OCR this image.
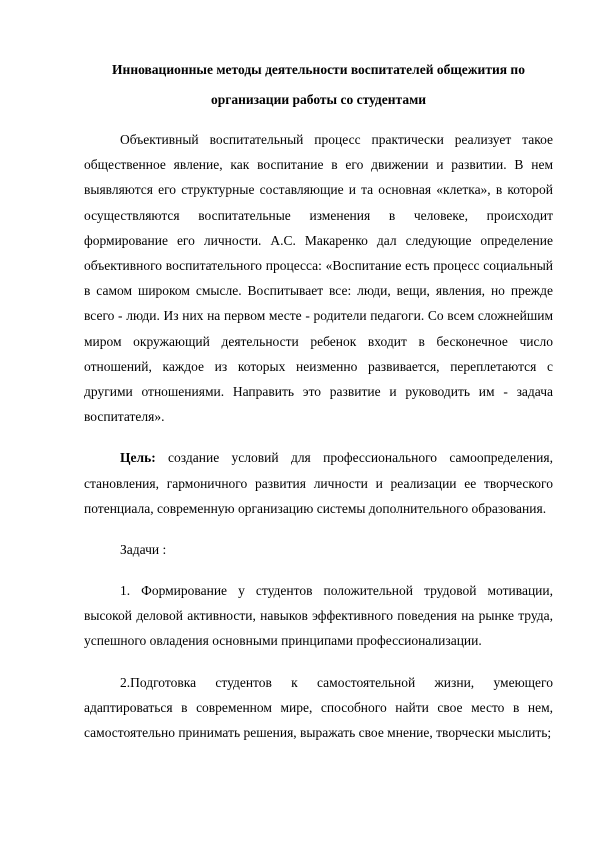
Инновационные методы деятельности воспитателей общежития по
организации работы со студентами

Объективный воспитательный процесс практически реализует такое общественное явление, как воспитание в его движении и развитии. В нем выявляются его структурные составляющие и та основная «клетка», в которой осуществляются воспитательные изменения в человеке, происходит формирование его личности. А.С. Макаренко дал следующие определение объективного воспитательного процесса: «Воспитание есть процесс социальный в самом широком смысле. Воспитывает все: люди, вещи, явления, но прежде всего - люди. Из них на первом месте - родители педагоги. Со всем сложнейшим миром окружающий деятельности ребенок входит в бесконечное число отношений, каждое из которых неизменно развивается, переплетаются с другими отношениями. Направить это развитие и руководить им - задача воспитателя».

Цель: создание условий для профессионального самоопределения, становления, гармоничного развития личности и реализации ее творческого потенциала, современную организацию системы дополнительного образования.

Задачи :

1. Формирование у студентов положительной трудовой мотивации, высокой деловой активности, навыков эффективного поведения на рынке труда, успешного овладения основными принципами профессионализации.

2.Подготовка студентов к самостоятельной жизни, умеющего адаптироваться в современном мире, способного найти свое место в нем, самостоятельно принимать решения, выражать свое мнение, творчески мыслить;
